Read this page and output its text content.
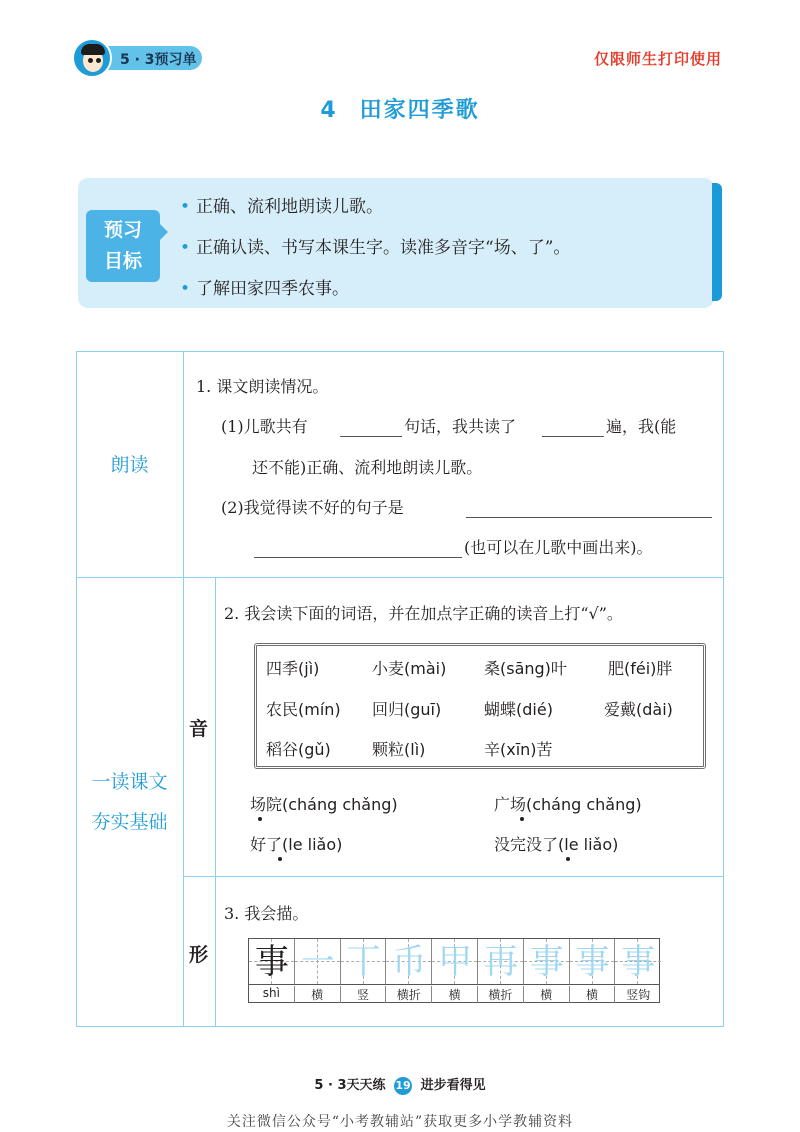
5 · 3预习单	仅限师生打印使用
4 田家四季歌
预习
目标
• 正确、流利地朗读儿歌。
• 正确认读、书写本课生字。读准多音字“场、了”。
• 了解田家四季农事。
朗读
一读课文
夯实基础
音
形
1. 课文朗读情况。
(1)儿歌共有	句话，我共读了	遍，我(能
还不能)正确、流利地朗读儿歌。
(2)我觉得读不好的句子是
(也可以在儿歌中画出来)。
2. 我会读下面的词语，并在加点字正确的读音上打“√”。
四季(jì)	小麦(mài) 桑(sāng)叶	肥(féi)胖
农民(mín) 回归(guī)	蝴蝶(dié)	爱戴(dài)
稻谷(gǔ)	颗粒(lì)	辛(xīn)苦
场院(cháng chǎng)	广场(cháng chǎng)
好了(le liǎo)	没完没了(le liǎo)
3. 我会描。
事 一 丅 币 甲 再 事 事 事
shì	横	竖	横折	横	横折	横	横	竖钩
5 · 3天天练 19 进步看得见
关注微信公众号“小考教辅站”获取更多小学教辅资料
